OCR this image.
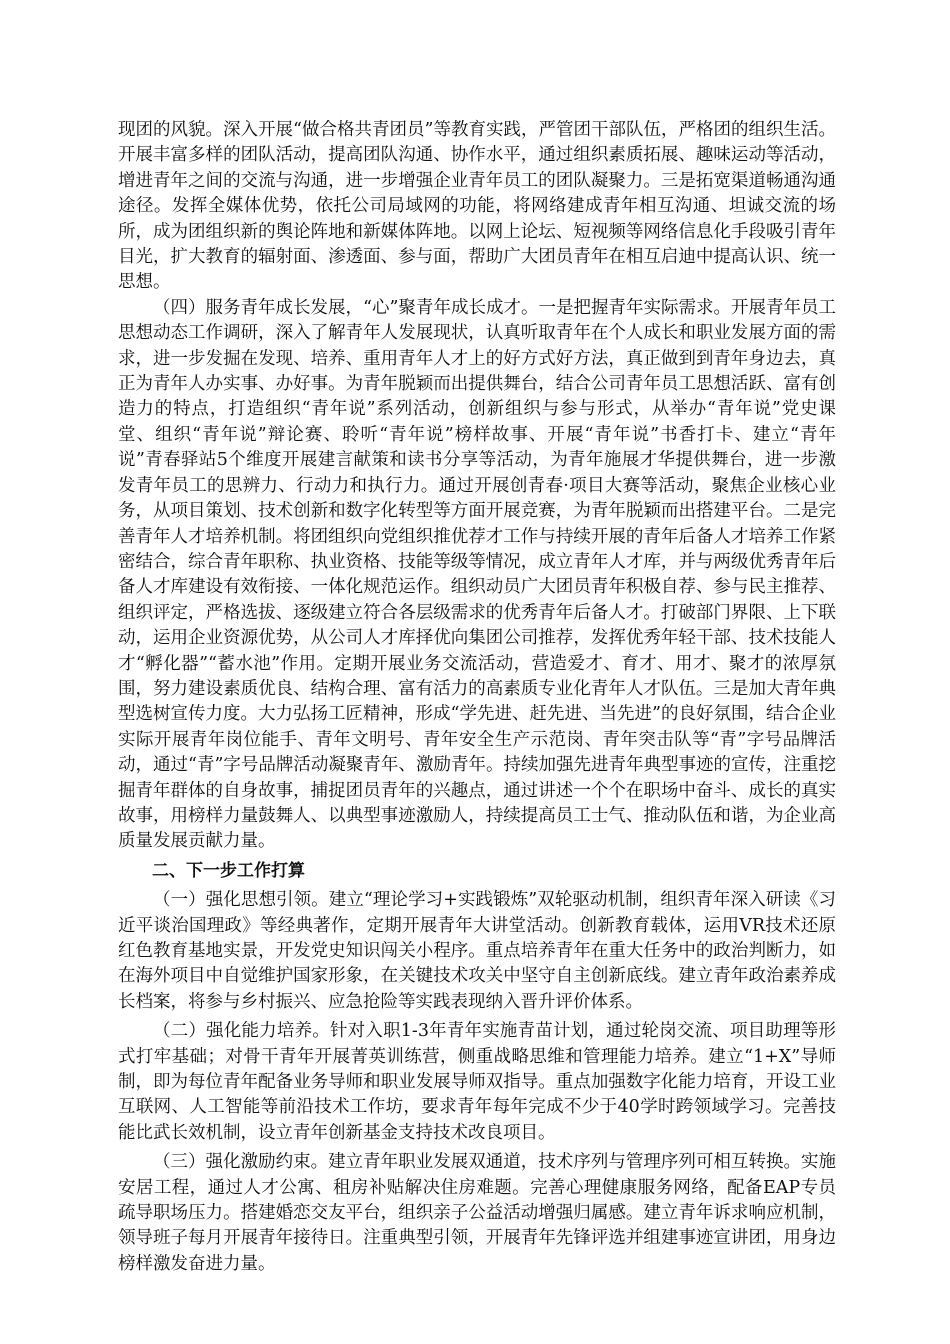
现团的风貌。深入开展“做合格共青团员”等教育实践，严管团干部队伍，严格团的组织生活。开展丰富多样的团队活动，提高团队沟通、协作水平，通过组织素质拓展、趣味运动等活动，增进青年之间的交流与沟通，进一步增强企业青年员工的团队凝聚力。三是拓宽渠道畅通沟通途径。发挥全媒体优势，依托公司局域网的功能，将网络建成青年相互沟通、坦诚交流的场所，成为团组织新的舆论阵地和新媒体阵地。以网上论坛、短视频等网络信息化手段吸引青年目光，扩大教育的辐射面、渗透面、参与面，帮助广大团员青年在相互启迪中提高认识、统一思想。

（四）服务青年成长发展，“心”聚青年成长成才。一是把握青年实际需求。开展青年员工思想动态工作调研，深入了解青年人发展现状，认真听取青年在个人成长和职业发展方面的需求，进一步发掘在发现、培养、重用青年人才上的好方式好方法，真正做到到青年身边去，真正为青年人办实事、办好事。为青年脱颖而出提供舞台，结合公司青年员工思想活跃、富有创造力的特点，打造组织“青年说”系列活动，创新组织与参与形式，从举办“青年说”党史课堂、组织“青年说”辩论赛、聆听“青年说”榜样故事、开展“青年说”书香打卡、建立“青年说”青春驿站5个维度开展建言献策和读书分享等活动，为青年施展才华提供舞台，进一步激发青年员工的思辨力、行动力和执行力。通过开展创青春·项目大赛等活动，聚焦企业核心业务，从项目策划、技术创新和数字化转型等方面开展竞赛，为青年脱颖而出搭建平台。二是完善青年人才培养机制。将团组织向党组织推优荐才工作与持续开展的青年后备人才培养工作紧密结合，综合青年职称、执业资格、技能等级等情况，成立青年人才库，并与两级优秀青年后备人才库建设有效衔接、一体化规范运作。组织动员广大团员青年积极自荐、参与民主推荐、组织评定，严格选拔、逐级建立符合各层级需求的优秀青年后备人才。打破部门界限、上下联动，运用企业资源优势，从公司人才库择优向集团公司推荐，发挥优秀年轻干部、技术技能人才“孵化器”“蓄水池”作用。定期开展业务交流活动，营造爱才、育才、用才、聚才的浓厚氛围，努力建设素质优良、结构合理、富有活力的高素质专业化青年人才队伍。三是加大青年典型选树宣传力度。大力弘扬工匠精神，形成“学先进、赶先进、当先进”的良好氛围，结合企业实际开展青年岗位能手、青年文明号、青年安全生产示范岗、青年突击队等“青”字号品牌活动，通过“青”字号品牌活动凝聚青年、激励青年。持续加强先进青年典型事迹的宣传，注重挖掘青年群体的自身故事，捕捉团员青年的兴趣点，通过讲述一个个在职场中奋斗、成长的真实故事，用榜样力量鼓舞人、以典型事迹激励人，持续提高员工士气、推动队伍和谐，为企业高质量发展贡献力量。

二、下一步工作打算

（一）强化思想引领。建立“理论学习+实践锻炼”双轮驱动机制，组织青年深入研读《习近平谈治国理政》等经典著作，定期开展青年大讲堂活动。创新教育载体，运用VR技术还原红色教育基地实景，开发党史知识闯关小程序。重点培养青年在重大任务中的政治判断力，如在海外项目中自觉维护国家形象，在关键技术攻关中坚守自主创新底线。建立青年政治素养成长档案，将参与乡村振兴、应急抢险等实践表现纳入晋升评价体系。

（二）强化能力培养。针对入职1-3年青年实施青苗计划，通过轮岗交流、项目助理等形式打牢基础；对骨干青年开展菁英训练营，侧重战略思维和管理能力培养。建立“1+X”导师制，即为每位青年配备业务导师和职业发展导师双指导。重点加强数字化能力培育，开设工业互联网、人工智能等前沿技术工作坊，要求青年每年完成不少于40学时跨领域学习。完善技能比武长效机制，设立青年创新基金支持技术改良项目。

（三）强化激励约束。建立青年职业发展双通道，技术序列与管理序列可相互转换。实施安居工程，通过人才公寓、租房补贴解决住房难题。完善心理健康服务网络，配备EAP专员疏导职场压力。搭建婚恋交友平台，组织亲子公益活动增强归属感。建立青年诉求响应机制，领导班子每月开展青年接待日。注重典型引领，开展青年先锋评选并组建事迹宣讲团，用身边榜样激发奋进力量。
